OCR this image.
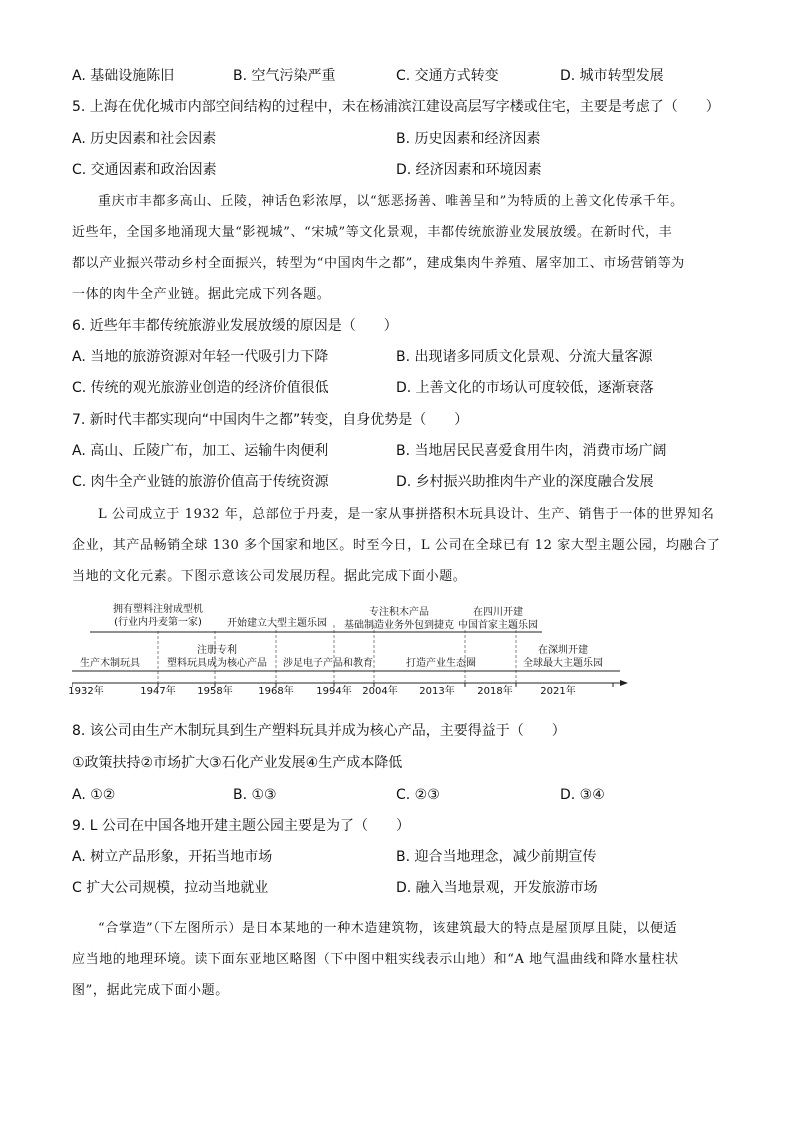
A. 基础设施陈旧	B. 空气污染严重	C. 交通方式转变	D. 城市转型发展
5. 上海在优化城市内部空间结构的过程中，未在杨浦滨江建设高层写字楼或住宅，主要是考虑了（　　）
A. 历史因素和社会因素	B. 历史因素和经济因素
C. 交通因素和政治因素	D. 经济因素和环境因素

重庆市丰都多高山、丘陵，神话色彩浓厚，以“惩恶扬善、唯善呈和”为特质的上善文化传承千年。

近些年，全国多地涌现大量“影视城”、“宋城”等文化景观，丰都传统旅游业发展放缓。在新时代，丰

都以产业振兴带动乡村全面振兴，转型为“中国肉牛之都”，建成集肉牛养殖、屠宰加工、市场营销等为

一体的肉牛全产业链。据此完成下列各题。

6. 近些年丰都传统旅游业发展放缓的原因是（　　）
A. 当地的旅游资源对年轻一代吸引力下降	B. 出现诸多同质文化景观、分流大量客源
C. 传统的观光旅游业创造的经济价值很低	D. 上善文化的市场认可度较低，逐渐衰落
7. 新时代丰都实现向“中国肉牛之都”转变，自身优势是（　　）
A. 高山、丘陵广布，加工、运输牛肉便利	B. 当地居民民喜爱食用牛肉，消费市场广阔
C. 肉牛全产业链的旅游价值高于传统资源	D. 乡村振兴助推肉牛产业的深度融合发展

L 公司成立于 1932 年，总部位于丹麦，是一家从事拼搭积木玩具设计、生产、销售于一体的世界知名

企业，其产品畅销全球 130 多个国家和地区。时至今日，L 公司在全球已有 12 家大型主题公园，均融合了

当地的文化元素。下图示意该公司发展历程。据此完成下面小题。

拥有塑料注射成型机
(行业内丹麦第一家)	开始建立大型主题乐园
专注积木产品
基础制造业务外包到捷克
在四川开建
中国首家主题乐园
生产木制玩具
注册专利
塑料玩具成为核心产品 涉足电子产品和教育	打造产业生态圈
在深圳开建
全球最大主题乐园
1932年	1947年 1958年	1968年 1994年 2004年 2013年 2018年	2021年
8. 该公司由生产木制玩具到生产塑料玩具并成为核心产品，主要得益于（　　）
①政策扶持②市场扩大③石化产业发展④生产成本降低
A. ①②	B. ①③	C. ②③	D. ③④
9. L 公司在中国各地开建主题公园主要是为了（　　）
A. 树立产品形象，开拓当地市场	B. 迎合当地理念，减少前期宣传
C 扩大公司规模，拉动当地就业	D. 融入当地景观，开发旅游市场

“合掌造”（下左图所示）是日本某地的一种木造建筑物，该建筑最大的特点是屋顶厚且陡，以便适

应当地的地理环境。读下面东亚地区略图（下中图中粗实线表示山地）和“A 地气温曲线和降水量柱状

图”，据此完成下面小题。
